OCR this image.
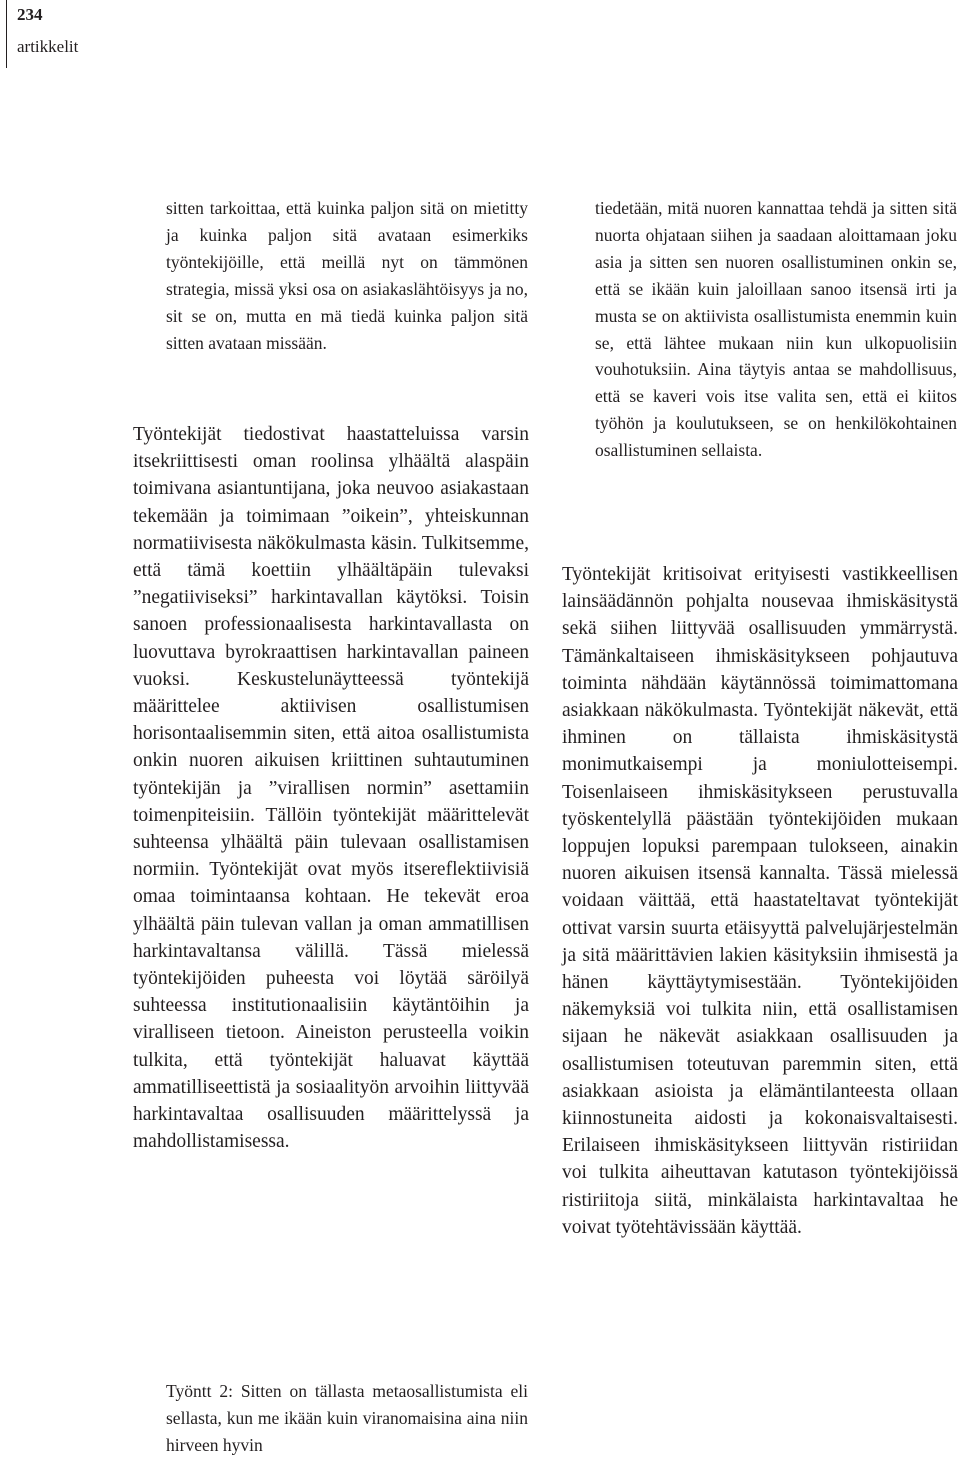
234
artikkelit

sitten tarkoittaa, että kuinka paljon sitä on mietitty ja kuinka paljon sitä avataan esimerkiks työntekijöille, että meillä nyt on tämmönen strategia, missä yksi osa on asiakaslähtöisyys ja no, sit se on, mutta en mä tiedä kuinka paljon sitä sitten avataan missään.

Työntekijät tiedostivat haastatteluissa varsin itsekriittisesti oman roolinsa ylhäältä alaspäin toimivana asiantuntijana, joka neuvoo asiakastaan tekemään ja toimimaan ”oikein”, yhteiskunnan normatiivisesta näkökulmasta käsin. Tulkitsemme, että tämä koettiin ylhäältäpäin tulevaksi ”negatiiviseksi” harkintavallan käytöksi. Toisin sanoen professionaalisesta harkintavallasta on luovuttava byrokraattisen harkintavallan paineen vuoksi. Keskustelunäytteessä työntekijä määrittelee aktiivisen osallistumisen horisontaalisemmin siten, että aitoa osallistumista onkin nuoren aikuisen kriittinen suhtautuminen työntekijän ja ”virallisen normin” asettamiin toimenpiteisiin. Tällöin työntekijät määrittelevät suhteensa ylhäältä päin tulevaan osallistamisen normiin. Työntekijät ovat myös itsereflektiivisiä omaa toimintaansa kohtaan. He tekevät eroa ylhäältä päin tulevan vallan ja oman ammatillisen harkintavaltansa välillä. Tässä mielessä työntekijöiden puheesta voi löytää säröilyä suhteessa institutionaalisiin käytäntöihin ja viralliseen tietoon. Aineiston perusteella voikin tulkita, että työntekijät haluavat käyttää ammatilliseettistä ja sosiaalityön arvoihin liittyvää harkintavaltaa osallisuuden määrittelyssä ja mahdollistamisessa.

Työntt 2: Sitten on tällasta metaosallistumista eli sellasta, kun me ikään kuin viranomaisina aina niin hirveen hyvin

tiedetään, mitä nuoren kannattaa tehdä ja sitten sitä nuorta ohjataan siihen ja saadaan aloittamaan joku asia ja sitten sen nuoren osallistuminen onkin se, että se ikään kuin jaloillaan sanoo itsensä irti ja musta se on aktiivista osallistumista enemmin kuin se, että lähtee mukaan niin kun ulkopuolisiin vouhotuksiin. Aina täytyis antaa se mahdollisuus, että se kaveri vois itse valita sen, että ei kiitos työhön ja koulutukseen, se on henkilökohtainen osallistuminen sellaista.

Työntekijät kritisoivat erityisesti vastikkeellisen lainsäädännön pohjalta nousevaa ihmiskäsitystä sekä siihen liittyvää osallisuuden ymmärrystä. Tämänkaltaiseen ihmiskäsitykseen pohjautuva toiminta nähdään käytännössä toimimattomana asiakkaan näkökulmasta. Työntekijät näkevät, että ihminen on tällaista ihmiskäsitystä monimutkaisempi ja moniulotteisempi. Toisenlaiseen ihmiskäsitykseen perustuvalla työskentelyllä päästään työntekijöiden mukaan loppujen lopuksi parempaan tulokseen, ainakin nuoren aikuisen itsensä kannalta. Tässä mielessä voidaan väittää, että haastateltavat työntekijät ottivat varsin suurta etäisyyttä palvelujärjestelmän ja sitä määrittävien lakien käsityksiin ihmisestä ja hänen käyttäytymisestään. Työntekijöiden näkemyksiä voi tulkita niin, että osallistamisen sijaan he näkevät asiakkaan osallisuuden ja osallistumisen toteutuvan paremmin siten, että asiakkaan asioista ja elämäntilanteesta ollaan kiinnostuneita aidosti ja kokonaisvaltaisesti. Erilaiseen ihmiskäsitykseen liittyvän ristiriidan voi tulkita aiheuttavan katutason työntekijöissä ristiriitoja siitä, minkälaista harkintavaltaa he voivat työtehtävissään käyttää.
